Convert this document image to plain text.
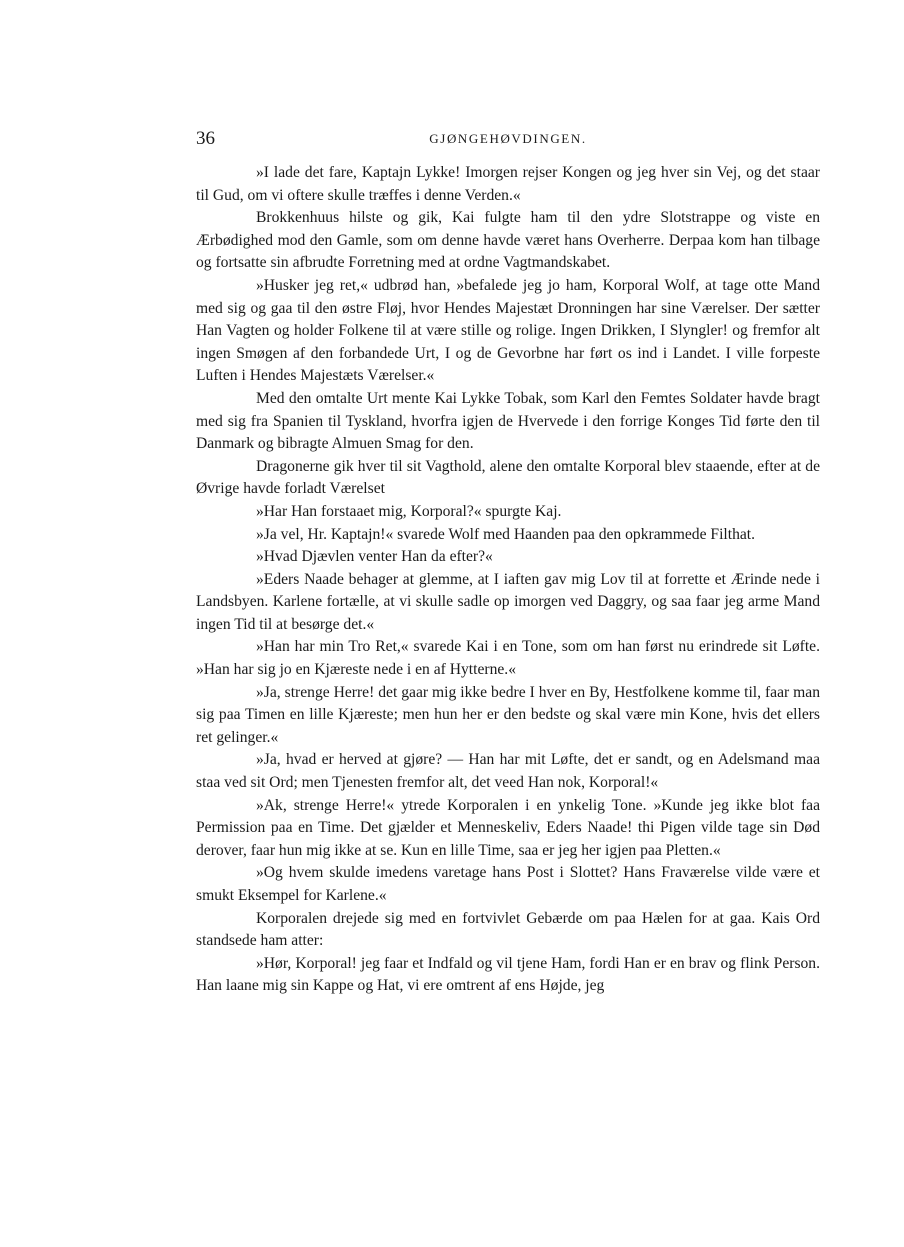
36	GJØNGEHØVDINGEN.

»I lade det fare, Kaptajn Lykke! Imorgen rejser Kongen og jeg hver sin Vej, og det staar til Gud, om vi oftere skulle træffes i denne Verden.«

Brokkenhuus hilste og gik, Kai fulgte ham til den ydre Slotstrappe og viste en Ærbødighed mod den Gamle, som om denne havde været hans Overherre. Derpaa kom han tilbage og fortsatte sin afbrudte Forretning med at ordne Vagtmandskabet.

»Husker jeg ret,« udbrød han, »befalede jeg jo ham, Korporal Wolf, at tage otte Mand med sig og gaa til den østre Fløj, hvor Hendes Majestæt Dronningen har sine Værelser. Der sætter Han Vagten og holder Folkene til at være stille og rolige. Ingen Drikken, I Slyngler! og fremfor alt ingen Smøgen af den forbandede Urt, I og de Gevorbne har ført os ind i Landet. I ville forpeste Luften i Hendes Majestæts Værelser.«

Med den omtalte Urt mente Kai Lykke Tobak, som Karl den Femtes Soldater havde bragt med sig fra Spanien til Tyskland, hvorfra igjen de Hvervede i den forrige Konges Tid førte den til Danmark og bibragte Almuen Smag for den.

Dragonerne gik hver til sit Vagthold, alene den omtalte Korporal blev staaende, efter at de Øvrige havde forladt Værelset

»Har Han forstaaet mig, Korporal?« spurgte Kaj.

»Ja vel, Hr. Kaptajn!« svarede Wolf med Haanden paa den opkrammede Filthat.

»Hvad Djævlen venter Han da efter?«

»Eders Naade behager at glemme, at I iaften gav mig Lov til at forrette et Ærinde nede i Landsbyen. Karlene fortælle, at vi skulle sadle op imorgen ved Daggry, og saa faar jeg arme Mand ingen Tid til at besørge det.«

»Han har min Tro Ret,« svarede Kai i en Tone, som om han først nu erindrede sit Løfte. »Han har sig jo en Kjæreste nede i en af Hytterne.«

»Ja, strenge Herre! det gaar mig ikke bedre I hver en By, Hestfolkene komme til, faar man sig paa Timen en lille Kjæreste; men hun her er den bedste og skal være min Kone, hvis det ellers ret gelinger.«

»Ja, hvad er herved at gjøre? — Han har mit Løfte, det er sandt, og en Adelsmand maa staa ved sit Ord; men Tjenesten fremfor alt, det veed Han nok, Korporal!«

»Ak, strenge Herre!« ytrede Korporalen i en ynkelig Tone. »Kunde jeg ikke blot faa Permission paa en Time. Det gjælder et Menneskeliv, Eders Naade! thi Pigen vilde tage sin Død derover, faar hun mig ikke at se. Kun en lille Time, saa er jeg her igjen paa Pletten.«

»Og hvem skulde imedens varetage hans Post i Slottet? Hans Fraværelse vilde være et smukt Eksempel for Karlene.«

Korporalen drejede sig med en fortvivlet Gebærde om paa Hælen for at gaa. Kais Ord standsede ham atter:

»Hør, Korporal! jeg faar et Indfald og vil tjene Ham, fordi Han er en brav og flink Person. Han laane mig sin Kappe og Hat, vi ere omtrent af ens Højde, jeg
